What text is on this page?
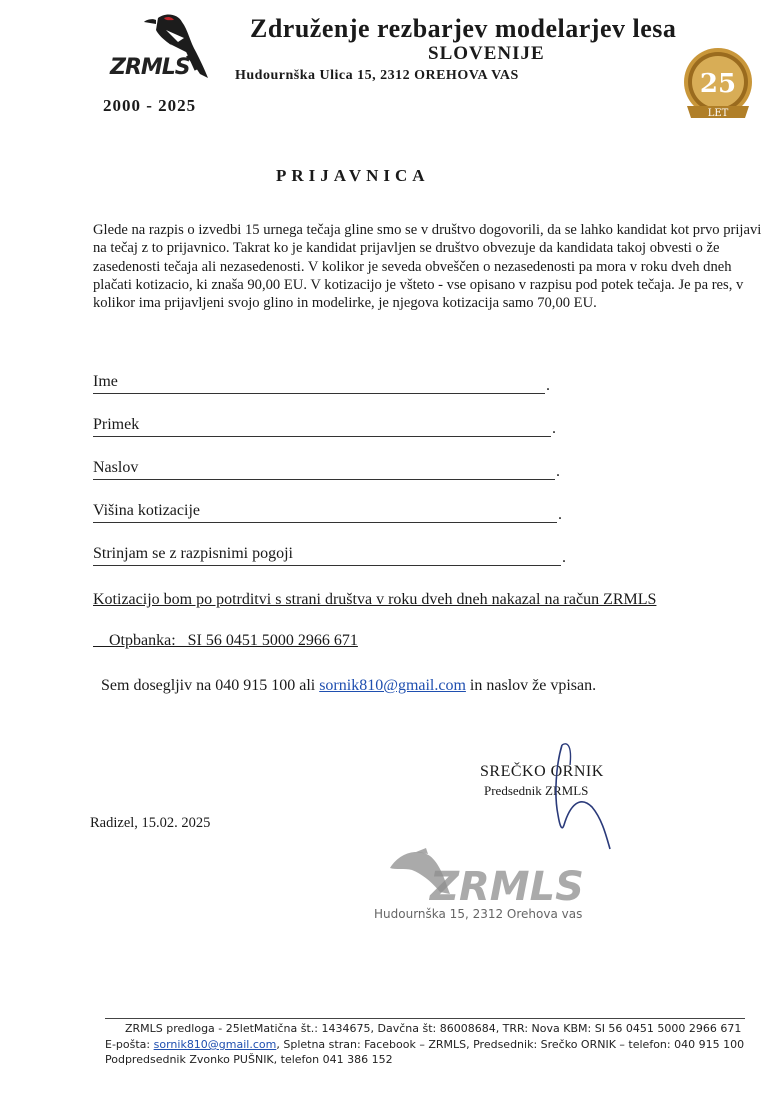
ZRMLS
2000 - 2025
Združenje rezbarjev modelarjev lesa
SLOVENIJE
Hudournška Ulica 15, 2312 OREHOVA VAS	25
LET
PRIJAVNICA
Glede na razpis o izvedbi 15 urnega tečaja gline smo se v društvo dogovorili, da se lahko kandidat kot prvo prijavi na tečaj z to prijavnico. Takrat ko je kandidat prijavljen se društvo obvezuje da kandidata takoj obvesti o že zasedenosti tečaja ali nezasedenosti. V kolikor je seveda obveščen o nezasedenosti pa mora v roku dveh dneh plačati kotizacio, ki znaša 90,00 EU. V kotizacijo je všteto - vse opisano v razpisu pod potek tečaja. Je pa res, v kolikor ima prijavljeni svojo glino in modelirke, je njegova kotizacija samo 70,00 EU.
Ime	.
Primek	.
Naslov	.
Višina kotizacije	.
Strinjam se z razpisnimi pogoji	.
Kotizacijo bom po potrditvi s strani društva v roku dveh dneh nakazal na račun ZRMLS
Otpbanka:   SI 56 0451 5000 2966 671
Sem dosegljiv na 040 915 100 ali sornik810@gmail.com in naslov že vpisan.
SREČKO ORNIK
Predsednik ZRMLS
Radizel, 15.02. 2025
ZRMLS
Hudournška 15, 2312 Orehova vas
ZRMLS predloga - 25letMatična št.: 1434675, Davčna št: 86008684, TRR: Nova KBM: SI 56 0451 5000 2966 671
E-pošta: sornik810@gmail.com, Spletna stran: Facebook – ZRMLS, Predsednik: Srečko ORNIK – telefon: 040 915 100
Podpredsednik Zvonko PUŠNIK, telefon 041 386 152
